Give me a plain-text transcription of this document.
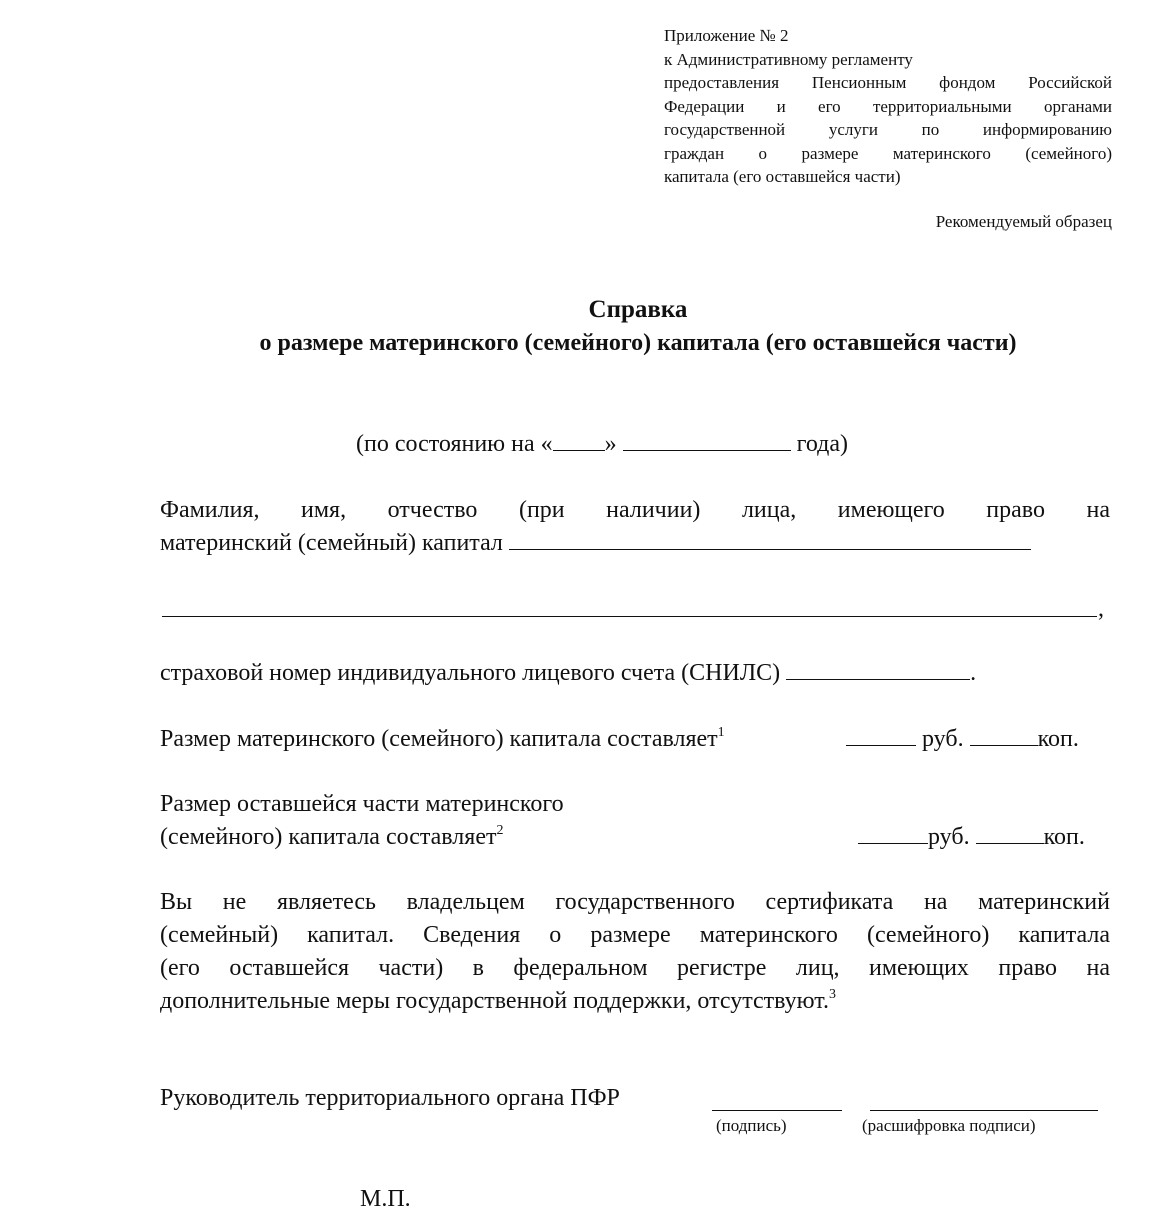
Приложение № 2
к Административному регламенту
предоставления Пенсионным фондом Российской
Федерации и его территориальными органами
государственной услуги по информированию
граждан о размере материнского (семейного)
капитала (его оставшейся части)
Рекомендуемый образец
Справка
о размере материнского (семейного) капитала (его оставшейся части)
(по состоянию на « »	года)
Фамилия, имя, отчество (при наличии) лица, имеющего право на
материнский (семейный) капитал
,
страховой номер индивидуального лицевого счета (СНИЛС)	.
Размер материнского (семейного) капитала составляет$^1$	руб.	коп.
Размер оставшейся части материнского
(семейного) капитала составляет$^2$	руб.	коп.
Вы не являетесь владельцем государственного сертификата на материнский
(семейный) капитал. Сведения о размере материнского (семейного) капитала
(его оставшейся части) в федеральном регистре лиц, имеющих право на
дополнительные меры государственной поддержки, отсутствуют.$^3$
Руководитель территориального органа ПФР
(подпись)	(расшифровка подписи)
М.П.
